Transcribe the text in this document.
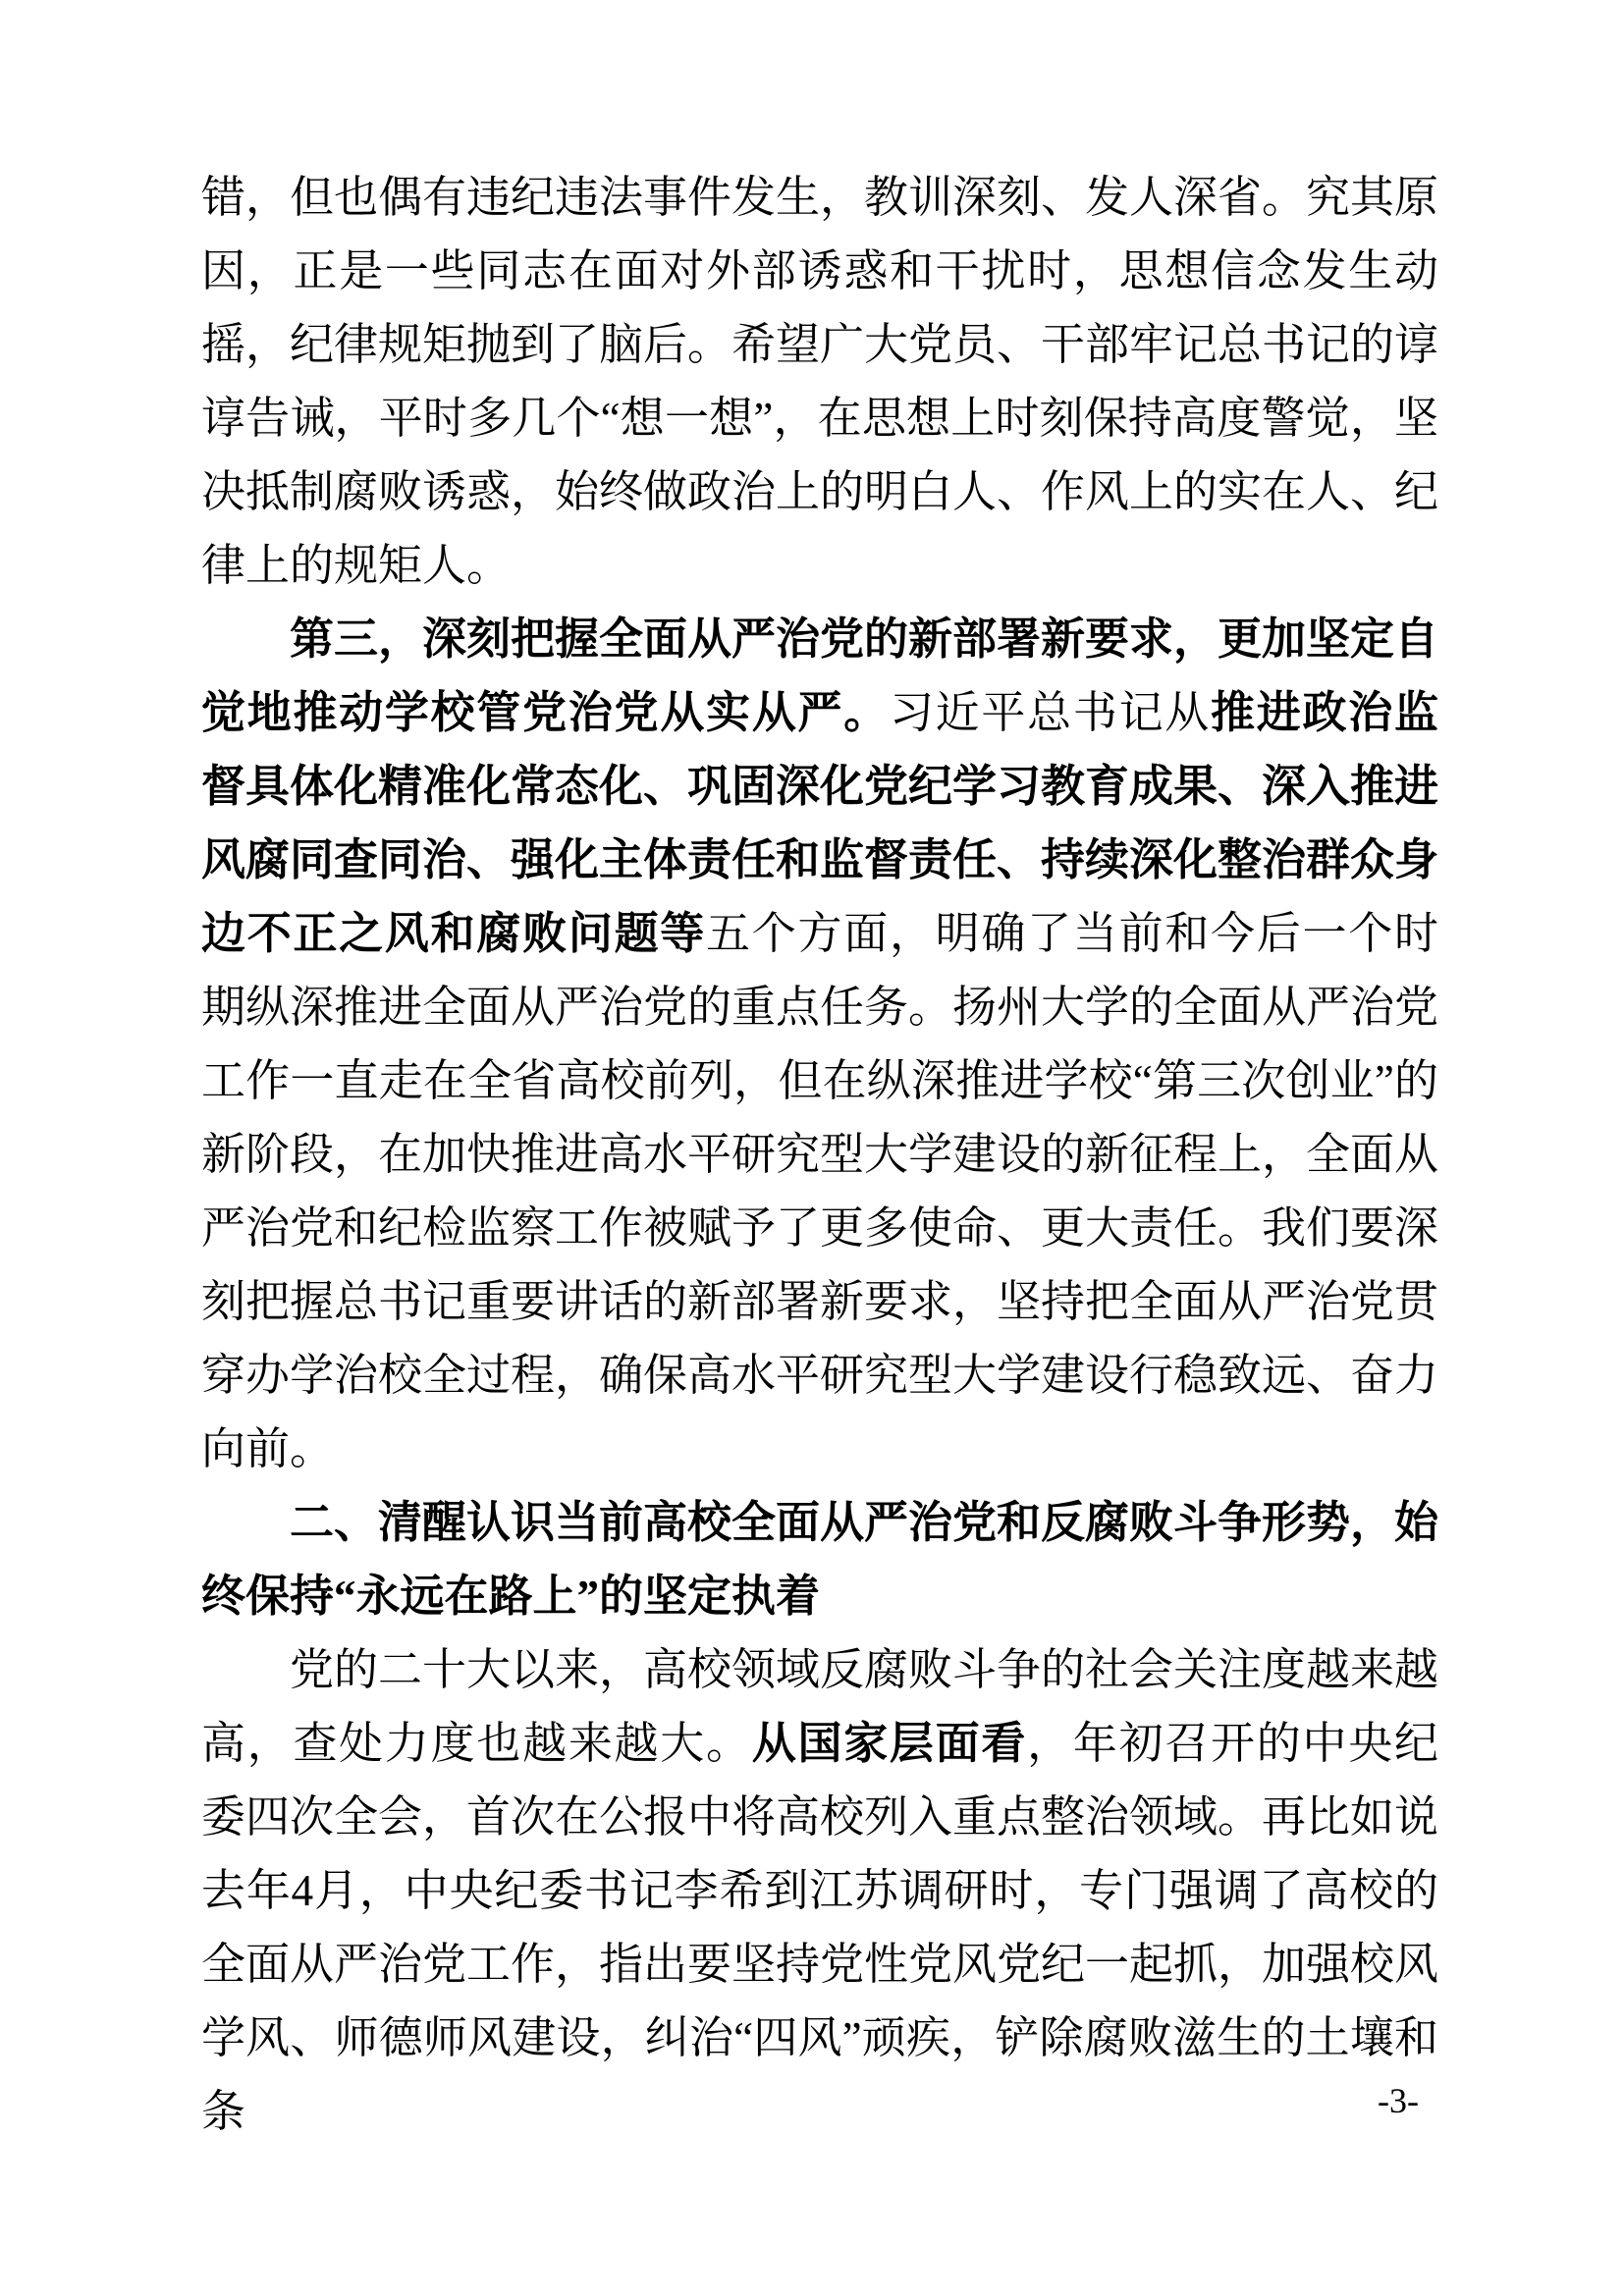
错，但也偶有违纪违法事件发生，教训深刻、发人深省。究其原因，正是一些同志在面对外部诱惑和干扰时，思想信念发生动摇，纪律规矩抛到了脑后。希望广大党员、干部牢记总书记的谆谆告诫，平时多几个“想一想”，在思想上时刻保持高度警觉，坚决抵制腐败诱惑，始终做政治上的明白人、作风上的实在人、纪律上的规矩人。
第三，深刻把握全面从严治党的新部署新要求，更加坚定自觉地推动学校管党治党从实从严。习近平总书记从推进政治监督具体化精准化常态化、巩固深化党纪学习教育成果、深入推进风腐同查同治、强化主体责任和监督责任、持续深化整治群众身边不正之风和腐败问题等五个方面，明确了当前和今后一个时期纵深推进全面从严治党的重点任务。扬州大学的全面从严治党工作一直走在全省高校前列，但在纵深推进学校“第三次创业”的新阶段，在加快推进高水平研究型大学建设的新征程上，全面从严治党和纪检监察工作被赋予了更多使命、更大责任。我们要深刻把握总书记重要讲话的新部署新要求，坚持把全面从严治党贯穿办学治校全过程，确保高水平研究型大学建设行稳致远、奋力向前。
二、清醒认识当前高校全面从严治党和反腐败斗争形势，始终保持“永远在路上”的坚定执着
党的二十大以来，高校领域反腐败斗争的社会关注度越来越高，查处力度也越来越大。从国家层面看，年初召开的中央纪委四次全会，首次在公报中将高校列入重点整治领域。再比如说去年4月，中央纪委书记李希到江苏调研时，专门强调了高校的全面从严治党工作，指出要坚持党性党风党纪一起抓，加强校风学风、师德师风建设，纠治“四风”顽疾，铲除腐败滋生的土壤和条	-3-
